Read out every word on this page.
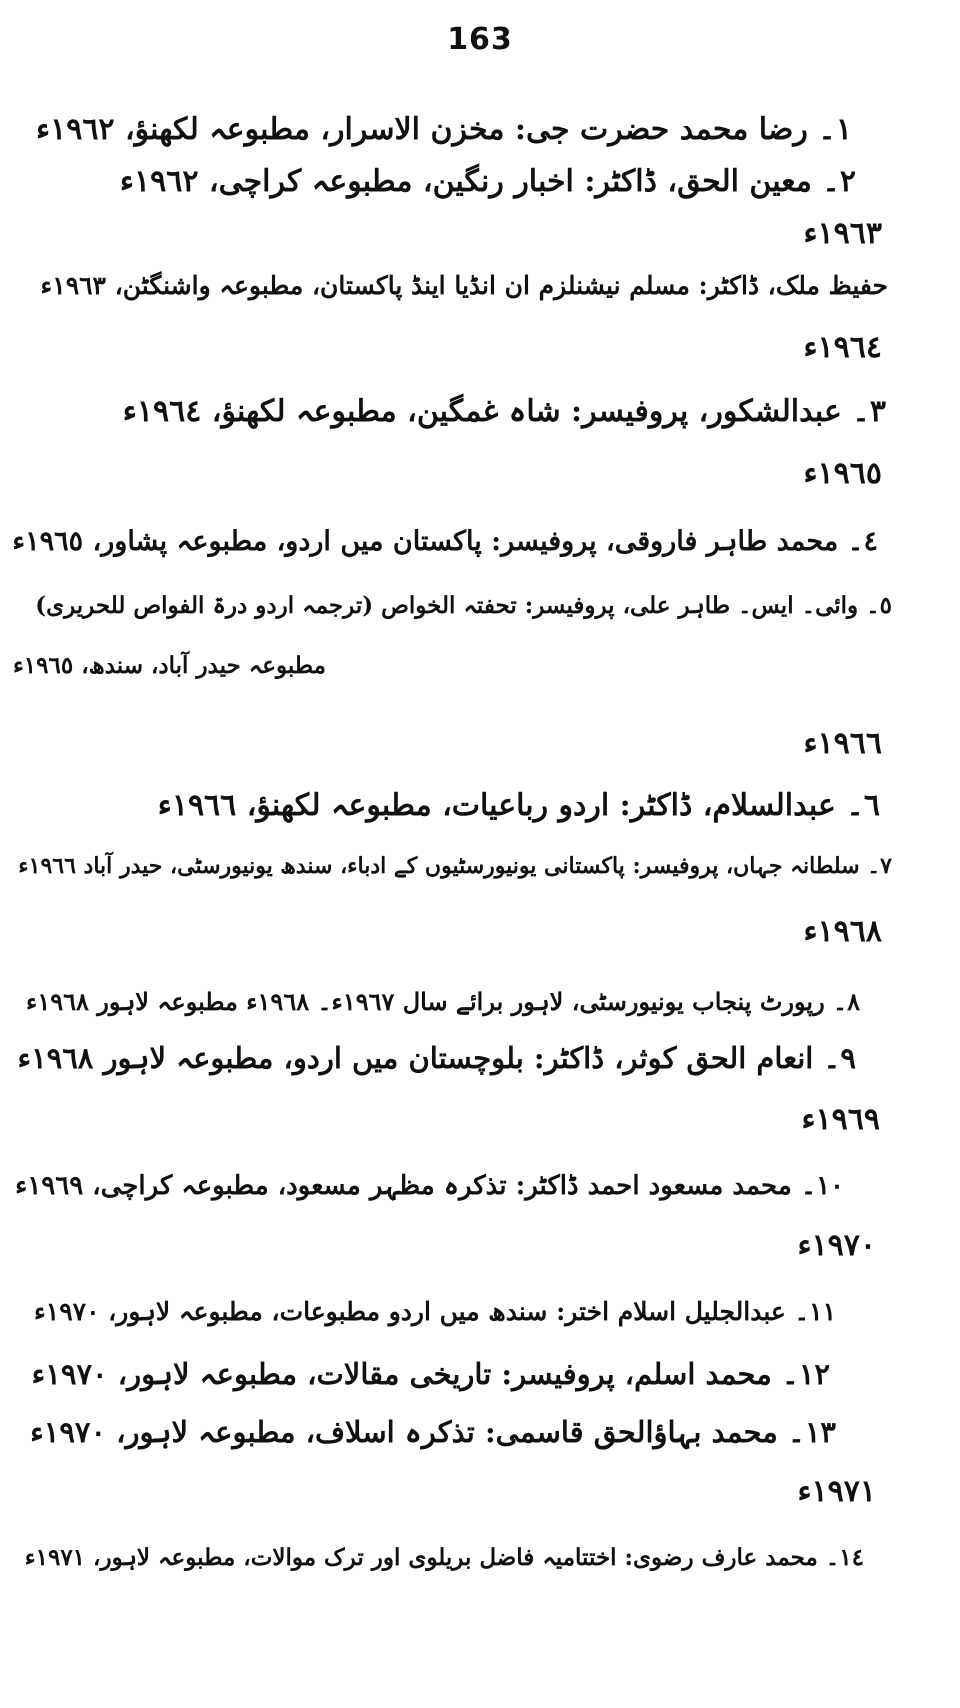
163
١۔ رضا محمد حضرت جی: مخزن الاسرار، مطبوعہ لکھنؤ، ١٩٦٢ء
٢۔ معین الحق، ڈاکٹر: اخبار رنگین، مطبوعہ کراچی، ١٩٦٢ء
١٩٦٣ء
حفیظ ملک، ڈاکٹر: مسلم نیشنلزم ان انڈیا اینڈ پاکستان، مطبوعہ واشنگٹن، ١٩٦٣ء
١٩٦٤ء
٣۔ عبدالشکور، پروفیسر: شاہ غمگین، مطبوعہ لکھنؤ، ١٩٦٤ء
١٩٦٥ء
٤۔ محمد طاہر فاروقی، پروفیسر: پاکستان میں اردو، مطبوعہ پشاور، ١٩٦٥ء
٥۔ وائی۔ ایس۔ طاہر علی، پروفیسر: تحفتہ الخواص (ترجمہ اردو درۃ الفواص للحریری)
مطبوعہ حیدر آباد، سندھ، ١٩٦٥ء
١٩٦٦ء
٦۔ عبدالسلام، ڈاکٹر: اردو رباعیات، مطبوعہ لکھنؤ، ١٩٦٦ء
٧۔ سلطانہ جہاں، پروفیسر: پاکستانی یونیورسٹیوں کے ادباء، سندھ یونیورسٹی، حیدر آباد ١٩٦٦ء
١٩٦٨ء
٨۔ رپورٹ پنجاب یونیورسٹی، لاہور برائے سال ١٩٦٧ء۔ ١٩٦٨ء مطبوعہ لاہور ١٩٦٨ء
٩۔ انعام الحق کوثر، ڈاکٹر: بلوچستان میں اردو، مطبوعہ لاہور ١٩٦٨ء
١٩٦٩ء
١٠۔ محمد مسعود احمد ڈاکٹر: تذکرہ مظہر مسعود، مطبوعہ کراچی، ١٩٦٩ء
١٩٧٠ء
١١۔ عبدالجلیل اسلام اختر: سندھ میں اردو مطبوعات، مطبوعہ لاہور، ١٩٧٠ء
١٢۔ محمد اسلم، پروفیسر: تاریخی مقالات، مطبوعہ لاہور، ١٩٧٠ء
١٣۔ محمد بہاؤالحق قاسمی: تذکرہ اسلاف، مطبوعہ لاہور، ١٩٧٠ء
١٩٧١ء
١٤۔ محمد عارف رضوی: اختتامیہ فاضل بریلوی اور ترک موالات، مطبوعہ لاہور، ١٩٧١ء
